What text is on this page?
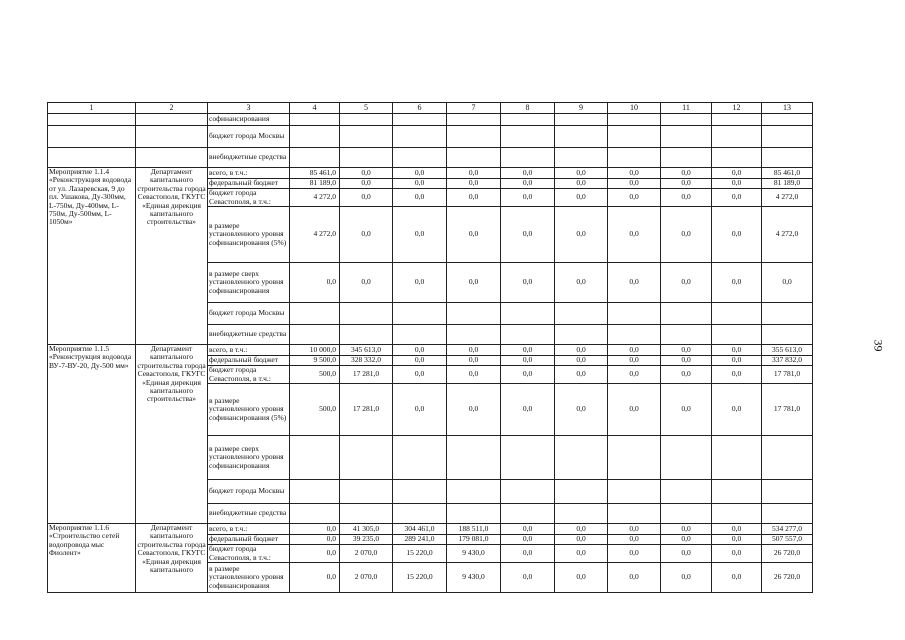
39
1	2	3	4	5	6	7	8	9	10	11	12	13
		софинансирования										
		бюджет города Москвы										
		внебюджетные средства										
Мероприятие 1.1.4 «Реконструкция водовода от ул. Лазаревская, 9 до пл. Ушакова, Ду-300мм, L-750м, Ду-400мм, L-750м, Ду-500мм, L-1050м»	Департамент капитального строительства города Севастополя, ГКУГС «Единая дирекция капитального строительства»	всего, в т.ч.:	85 461,0	0,0	0,0	0,0	0,0	0,0	0,0	0,0	0,0	85 461,0
		федеральный бюджет	81 189,0	0,0	0,0	0,0	0,0	0,0	0,0	0,0	0,0	81 189,0
		бюджет города Севастополя, в т.ч.:	4 272,0	0,0	0,0	0,0	0,0	0,0	0,0	0,0	0,0	4 272,0
		в размере установленного уровня софинансирования (5%)	4 272,0	0,0	0,0	0,0	0,0	0,0	0,0	0,0	0,0	4 272,0
		в размере сверх установленного уровня софинансирования	0,0	0,0	0,0	0,0	0,0	0,0	0,0	0,0	0,0	0,0
		бюджет города Москвы										
		внебюджетные средства										
Мероприятие 1.1.5 «Реконструкция водовода ВУ-7-ВУ-20, Ду-500 мм»	Департамент капитального строительства города Севастополя, ГКУГС «Единая дирекция капитального строительства»	всего, в т.ч.:	10 000,0	345 613,0	0,0	0,0	0,0	0,0	0,0	0,0	0,0	355 613,0
		федеральный бюджет	9 500,0	328 332,0	0,0	0,0	0,0	0,0	0,0	0,0	0,0	337 832,0
		бюджет города Севастополя, в т.ч.:	500,0	17 281,0	0,0	0,0	0,0	0,0	0,0	0,0	0,0	17 781,0
		в размере установленного уровня софинансирования (5%)	500,0	17 281,0	0,0	0,0	0,0	0,0	0,0	0,0	0,0	17 781,0
		в размере сверх установленного уровня софинансирования										
		бюджет города Москвы										
		внебюджетные средства										
Мероприятие 1.1.6 «Строительство сетей водопровода мыс Фиолент»	Департамент капитального строительства города Севастополя, ГКУГС «Единая дирекция капитального	всего, в т.ч.:	0,0	41 305,0	304 461,0	188 511,0	0,0	0,0	0,0	0,0	0,0	534 277,0
		федеральный бюджет	0,0	39 235,0	289 241,0	179 081,0	0,0	0,0	0,0	0,0	0,0	507 557,0
		бюджет города Севастополя, в т.ч.:	0,0	2 070,0	15 220,0	9 430,0	0,0	0,0	0,0	0,0	0,0	26 720,0
		в размере установленного уровня софинансирования	0,0	2 070,0	15 220,0	9 430,0	0,0	0,0	0,0	0,0	0,0	26 720,0
